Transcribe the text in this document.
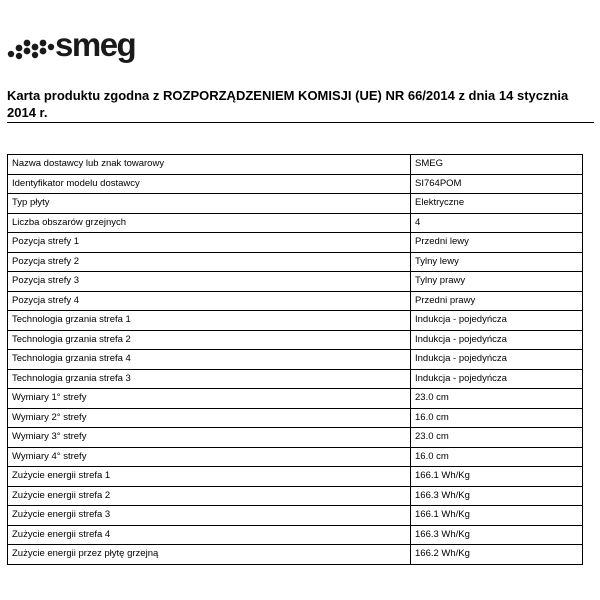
smeg
Karta produktu zgodna z ROZPORZĄDZENIEM KOMISJI (UE) NR 66/2014 z dnia 14 stycznia 2014 r.
Nazwa dostawcy lub znak towarowy	SMEG
Identyfikator modelu dostawcy	SI764POM
Typ płyty	Elektryczne
Liczba obszarów grzejnych	4
Pozycja strefy 1	Przedni lewy
Pozycja strefy 2	Tylny lewy
Pozycja strefy 3	Tylny prawy
Pozycja strefy 4	Przedni prawy
Technologia grzania strefa 1	Indukcja - pojedyńcza
Technologia grzania strefa 2	Indukcja - pojedyńcza
Technologia grzania strefa 4	Indukcja - pojedyńcza
Technologia grzania strefa 3	Indukcja - pojedyńcza
Wymiary 1° strefy	23.0 cm
Wymiary 2° strefy	16.0 cm
Wymiary 3° strefy	23.0 cm
Wymiary 4° strefy	16.0 cm
Zużycie energii strefa 1	166.1 Wh/Kg
Zużycie energii strefa 2	166.3 Wh/Kg
Zużycie energii strefa 3	166.1 Wh/Kg
Zużycie energii strefa 4	166.3 Wh/Kg
Zużycie energii przez płytę grzejną	166.2 Wh/Kg
